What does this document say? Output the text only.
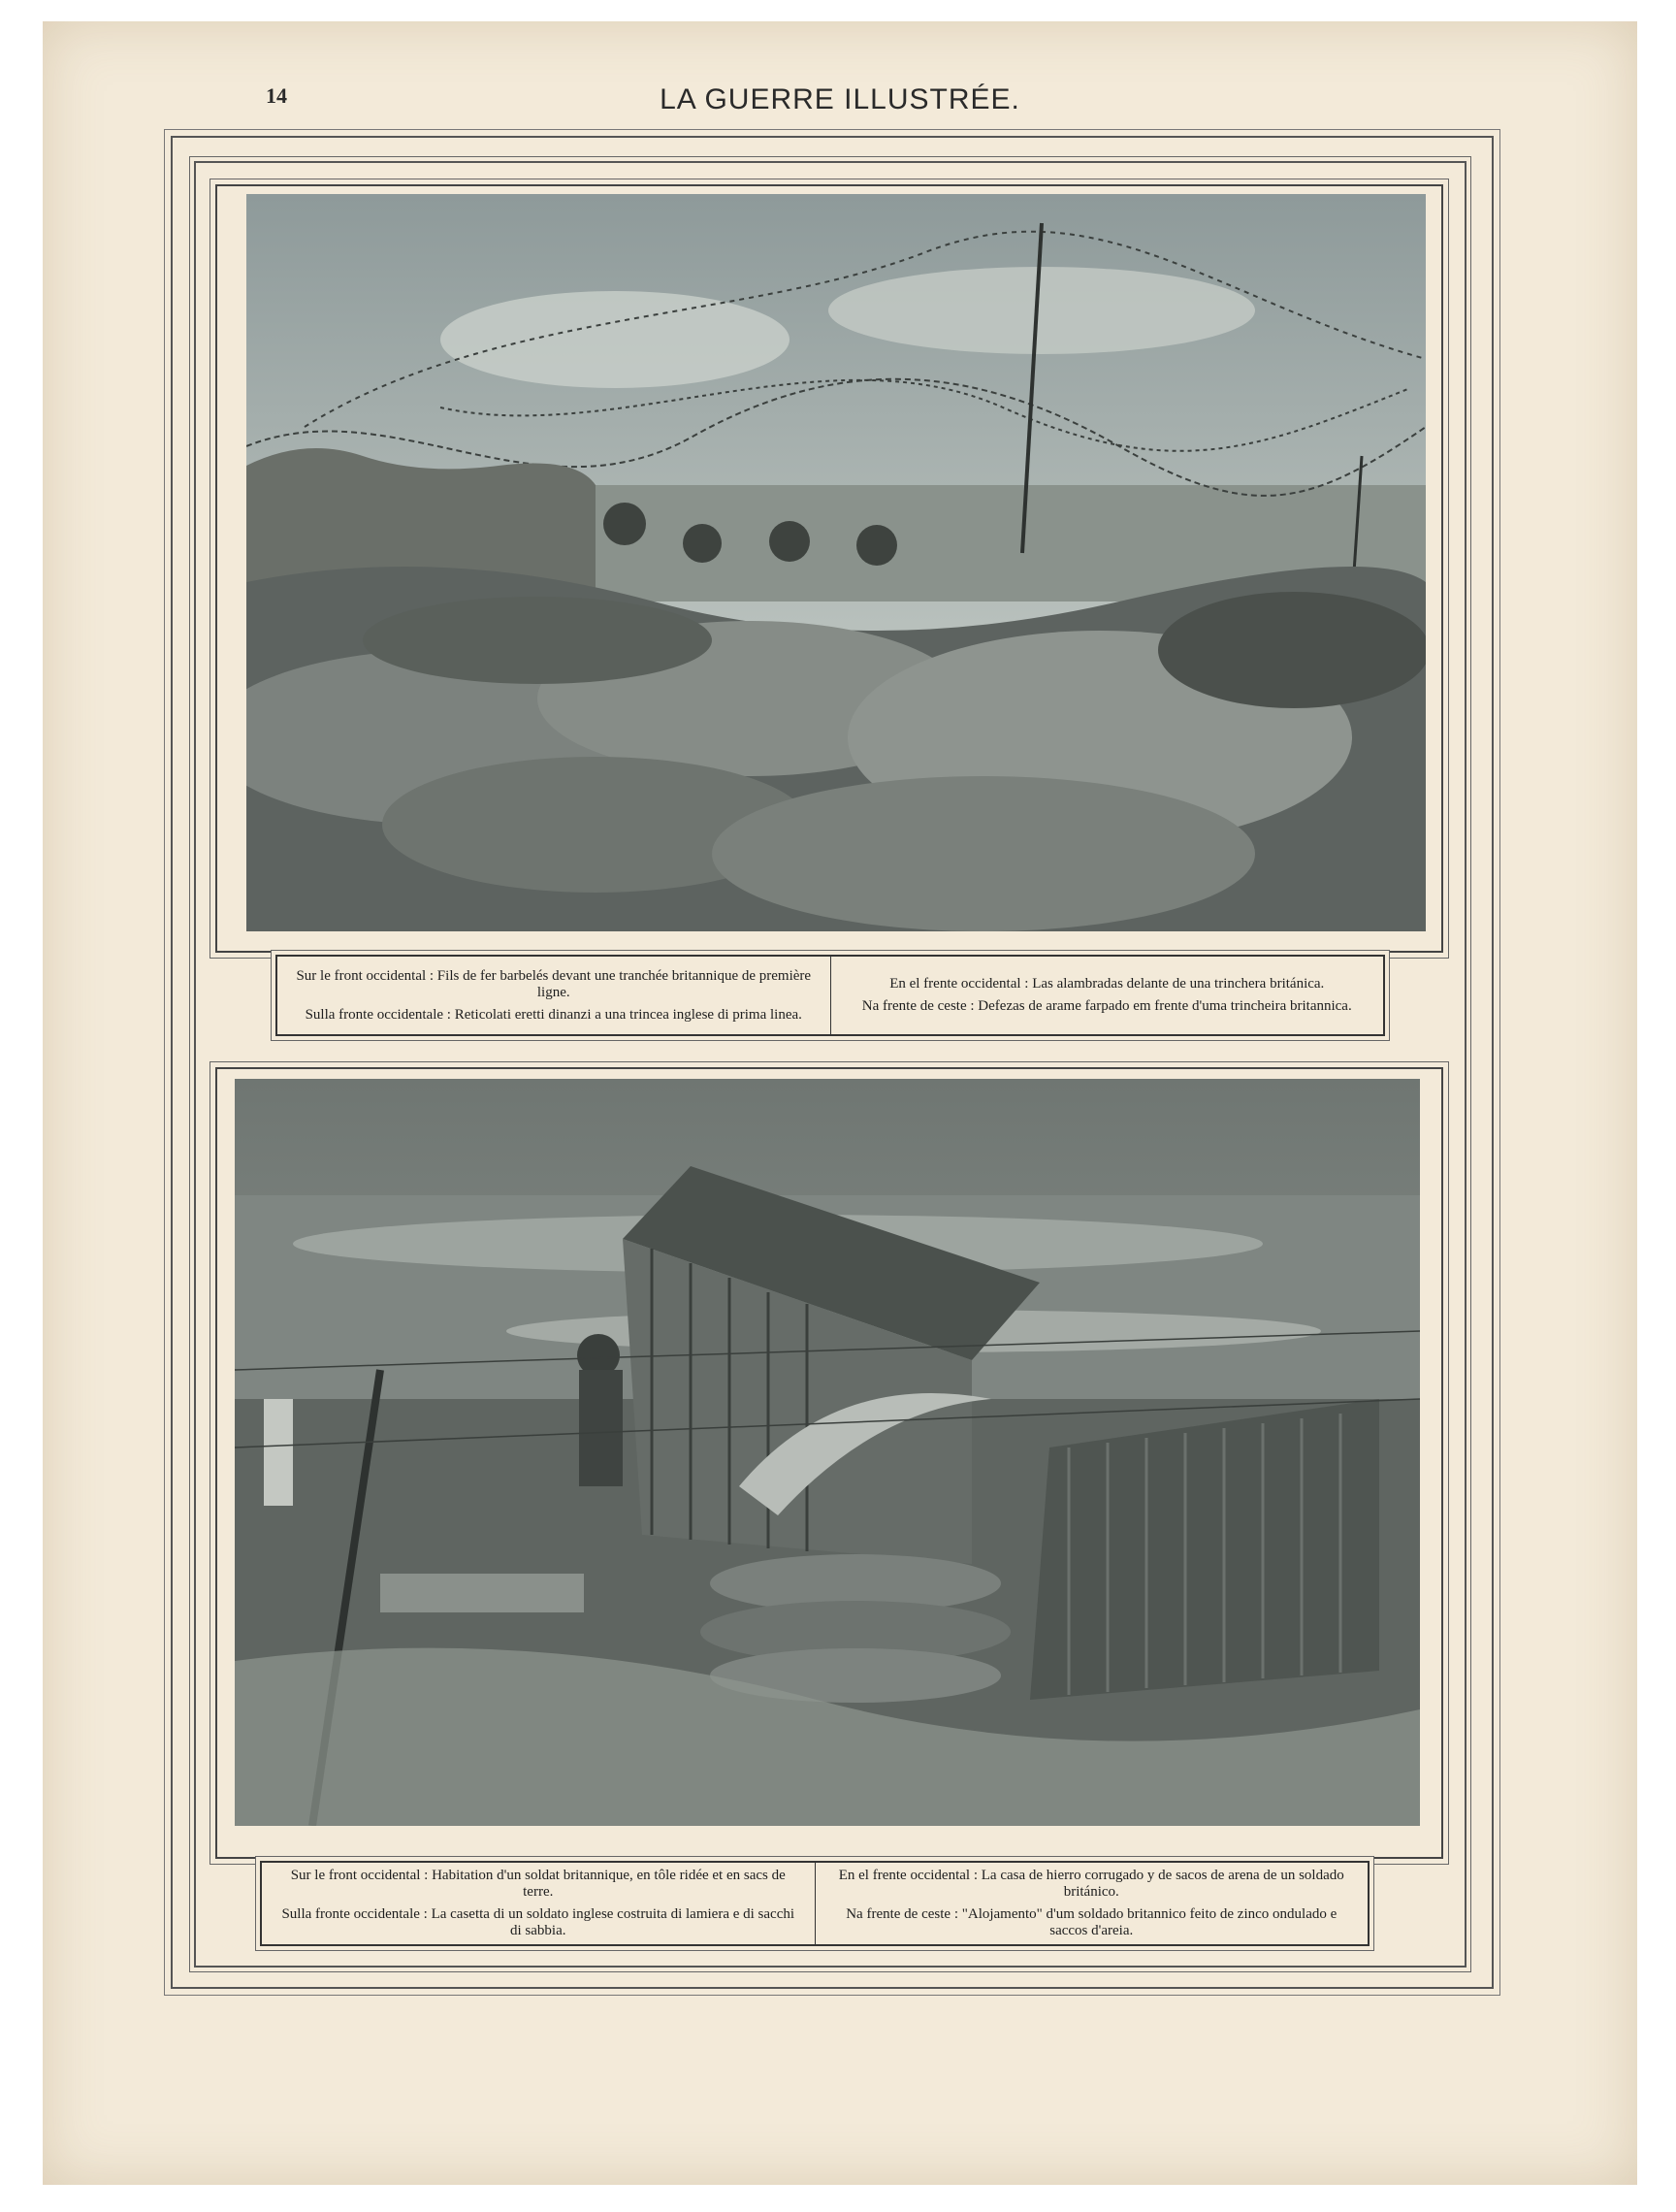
14	LA GUERRE ILLUSTRÉE.

Sur le front occidental : Fils de fer barbelés devant une tranchée britannique de première ligne.

Sulla fronte occidentale : Reticolati eretti dinanzi a una trincea inglese di prima linea.

En el frente occidental : Las alambradas delante de una trinchera británica.

Na frente de ceste : Defezas de arame farpado em frente d'uma trincheira britannica.

Sur le front occidental : Habitation d'un soldat britannique, en tôle ridée et en sacs de terre.

Sulla fronte occidentale : La casetta di un soldato inglese costruita di lamiera e di sacchi di sabbia.

En el frente occidental : La casa de hierro corrugado y de sacos de arena de un soldado británico.

Na frente de ceste : "Alojamento" d'um soldado britannico feito de zinco ondulado e saccos d'areia.
